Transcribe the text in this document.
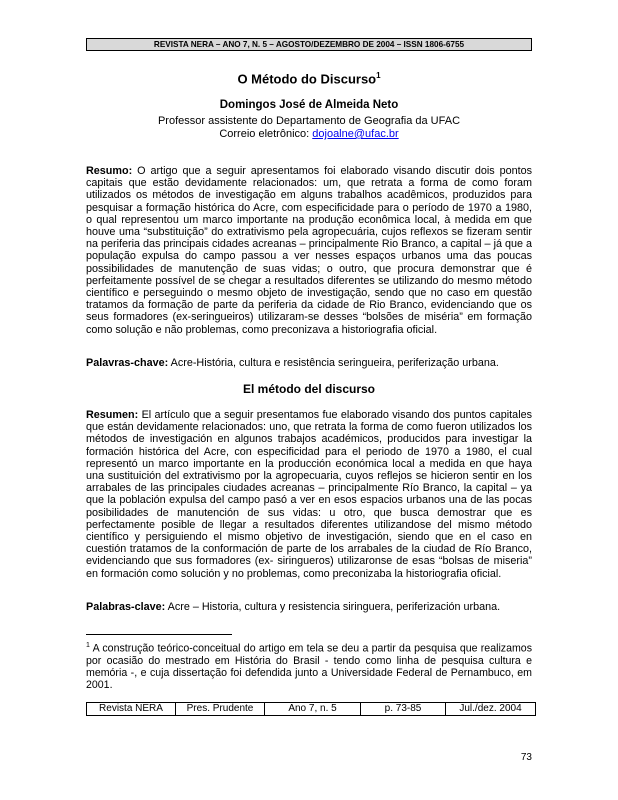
REVISTA NERA – ANO 7, N. 5 – AGOSTO/DEZEMBRO DE 2004 – ISSN 1806-6755
O Método do Discurso$^1$
Domingos José de Almeida Neto
Professor assistente do Departamento de Geografia da UFAC
Correio eletrônico: dojoalne@ufac.br

Resumo: O artigo que a seguir apresentamos foi elaborado visando discutir dois pontos capitais que estão devidamente relacionados: um, que retrata a forma de como foram utilizados os métodos de investigação em alguns trabalhos acadêmicos, produzidos para pesquisar a formação histórica do Acre, com especificidade para o período de 1970 a 1980, o qual representou um marco importante na produção econômica local, à medida em que houve uma “substituição” do extrativismo pela agropecuária, cujos reflexos se fizeram sentir na periferia das principais cidades acreanas – principalmente Rio Branco, a capital – já que a população expulsa do campo passou a ver nesses espaços urbanos uma das poucas possibilidades de manutenção de suas vidas; o outro, que procura demonstrar que é perfeitamente possível de se chegar a resultados diferentes se utilizando do mesmo método científico e perseguindo o mesmo objeto de investigação, sendo que no caso em questão tratamos da formação de parte da periferia da cidade de Rio Branco, evidenciando que os seus formadores (ex-seringueiros) utilizaram-se desses “bolsões de miséria” em formação como solução e não problemas, como preconizava a historiografia oficial.

Palavras-chave: Acre-História, cultura e resistência seringueira, periferização urbana.
El método del discurso

Resumen: El artículo que a seguir presentamos fue elaborado visando dos puntos capitales que están devidamente relacionados: uno, que retrata la forma de como fueron utilizados los métodos de investigación en algunos trabajos académicos, producidos para investigar la formación histórica del Acre, con especificidad para el periodo de 1970 a 1980, el cual representó un marco importante en la producción económica local a medida en que haya una sustituición del extrativismo por la agropecuaria, cuyos reflejos se hicieron sentir en los arrabales de las principales ciudades acreanas – principalmente Río Branco, la capital – ya que la población expulsa del campo pasó a ver en esos espacios urbanos una de las pocas posibilidades de manutención de sus vidas: u otro, que busca demostrar que es perfectamente posible de llegar a resultados diferentes utilizandose del mismo método científico y persiguiendo el mismo objetivo de investigación, siendo que en el caso en cuestión tratamos de la conformación de parte de los arrabales de la ciudad de Río Branco, evidenciando que sus formadores (ex- siringueros) utilizaronse de esas “bolsas de miseria” en formación como solución y no problemas, como preconizaba la historiografia oficial.

Palabras-clave: Acre – Historia, cultura y resistencia siringuera, periferización urbana.

$^1$ A construção teórico-conceitual do artigo em tela se deu a partir da pesquisa que realizamos por ocasião do mestrado em História do Brasil - tendo como linha de pesquisa cultura e memória -, e cuja dissertação foi defendida junto a Universidade Federal de Pernambuco, em 2001.

Revista NERA	Pres. Prudente	Ano 7, n. 5	p. 73-85	Jul./dez. 2004
73
